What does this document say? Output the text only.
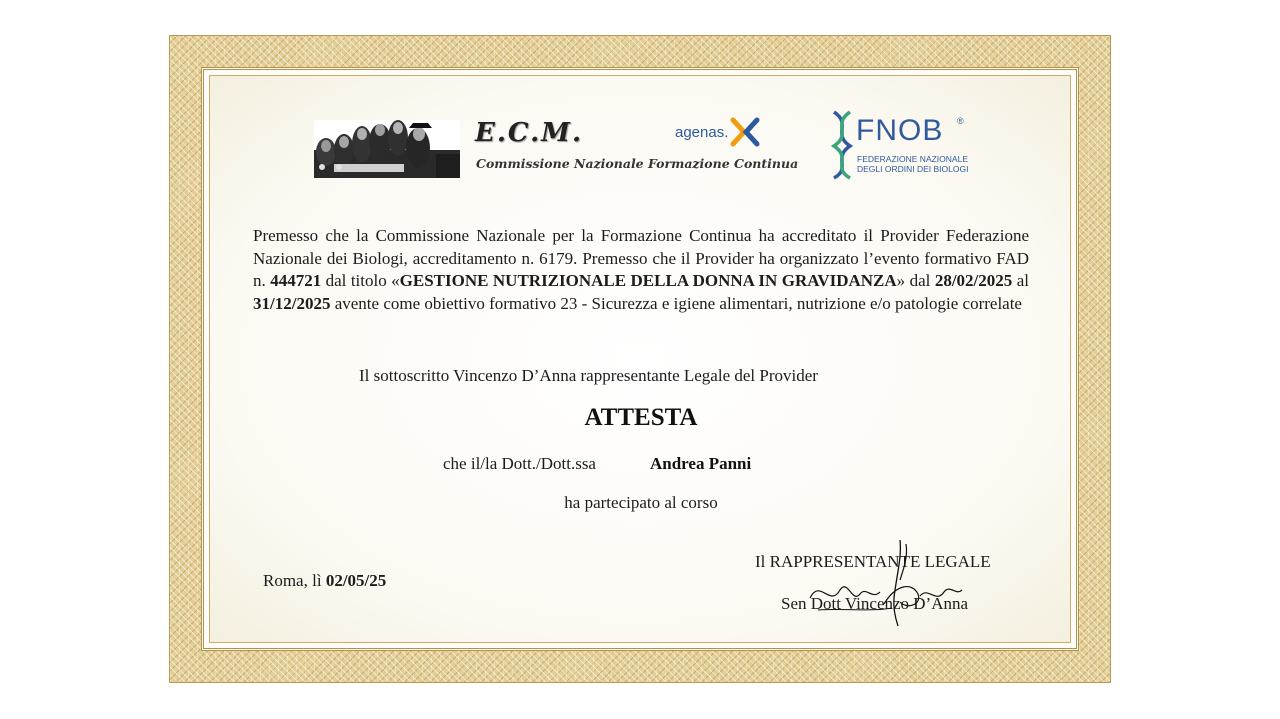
E.C.M.
Commissione Nazionale Formazione Continua
agenas.	FNOB ®
FEDERAZIONE NAZIONALE
DEGLI ORDINI DEI BIOLOGI
Premesso che la Commissione Nazionale per la Formazione Continua ha accreditato il Provider Federazione Nazionale dei Biologi, accreditamento n. 6179. Premesso che il Provider ha organizzato l’evento formativo FAD n. 444721 dal titolo «GESTIONE NUTRIZIONALE DELLA DONNA IN GRAVIDANZA» dal 28/02/2025 al 31/12/2025 avente come obiettivo formativo 23 - Sicurezza e igiene alimentari, nutrizione e/o patologie correlate
Il sottoscritto Vincenzo D’Anna rappresentante Legale del Provider
ATTESTA
che il/la Dott./Dott.ssa	Andrea Panni
ha partecipato al corso
Roma, lì 02/05/25
Il RAPPRESENTANTE LEGALE
Sen Dott Vincenzo D’Anna
